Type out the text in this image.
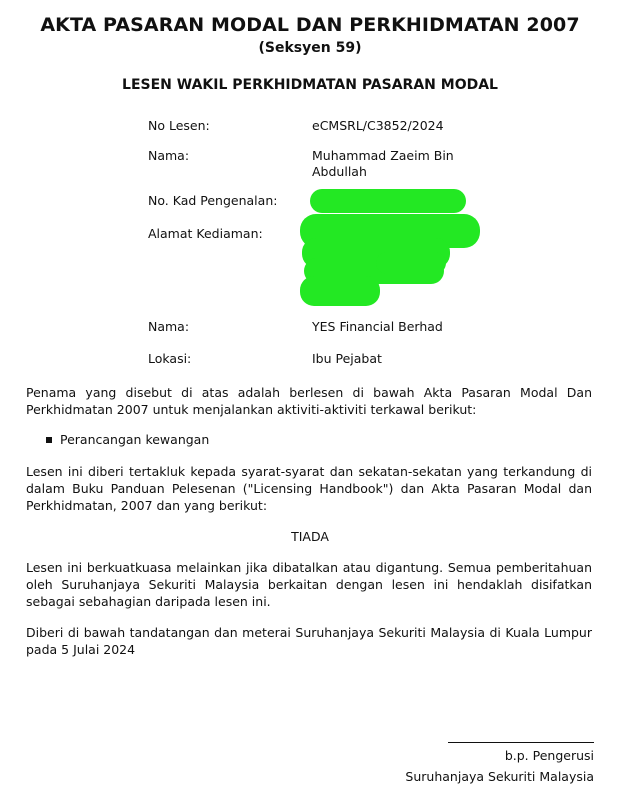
AKTA PASARAN MODAL DAN PERKHIDMATAN 2007
(Seksyen 59)
LESEN WAKIL PERKHIDMATAN PASARAN MODAL
No Lesen:	eCMSRL/C3852/2024
Nama:	Muhammad Zaeim Bin
Abdullah
No. Kad Pengenalan:
Alamat Kediaman:
Nama:	YES Financial Berhad
Lokasi:	Ibu Pejabat
Penama yang disebut di atas adalah berlesen di bawah Akta Pasaran Modal Dan Perkhidmatan 2007 untuk menjalankan aktiviti-aktiviti terkawal berikut:
Perancangan kewangan
Lesen ini diberi tertakluk kepada syarat-syarat dan sekatan-sekatan yang terkandung di dalam Buku Panduan Pelesenan ("Licensing Handbook") dan Akta Pasaran Modal dan Perkhidmatan, 2007 dan yang berikut:
TIADA
Lesen ini berkuatkuasa melainkan jika dibatalkan atau digantung. Semua pemberitahuan oleh Suruhanjaya Sekuriti Malaysia berkaitan dengan lesen ini hendaklah disifatkan sebagai sebahagian daripada lesen ini.
Diberi di bawah tandatangan dan meterai Suruhanjaya Sekuriti Malaysia di Kuala Lumpur pada 5 Julai 2024
b.p. Pengerusi
Suruhanjaya Sekuriti Malaysia
